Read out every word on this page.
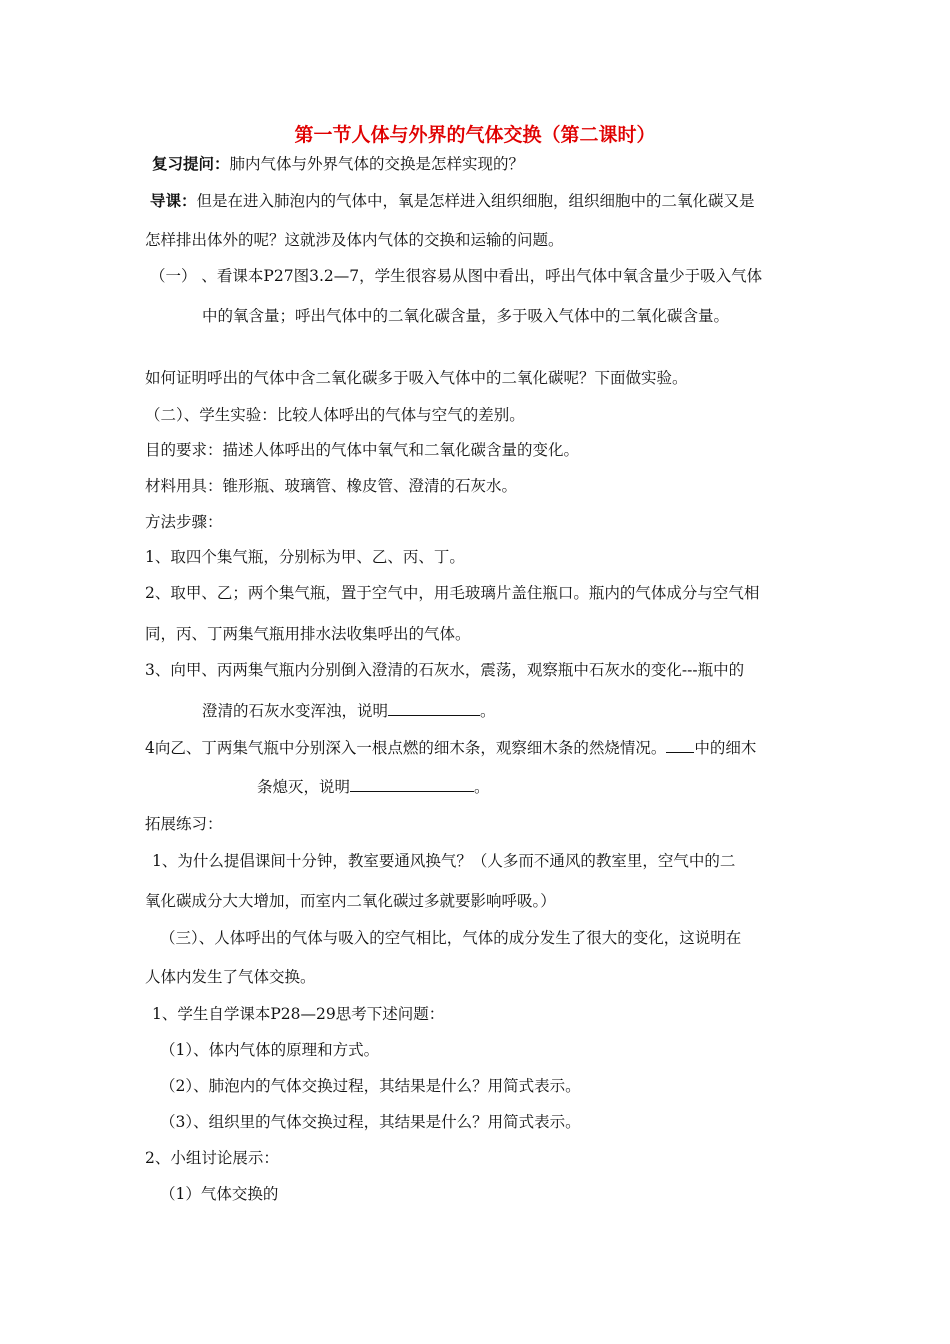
第一节人体与外界的气体交换（第二课时）
复习提问：肺内气体与外界气体的交换是怎样实现的？
导课：但是在进入肺泡内的气体中，氧是怎样进入组织细胞，组织细胞中的二氧化碳又是
怎样排出体外的呢？这就涉及体内气体的交换和运输的问题。
（一） 、看课本P27图3.2—7，学生很容易从图中看出，呼出气体中氧含量少于吸入气体
中的氧含量；呼出气体中的二氧化碳含量，多于吸入气体中的二氧化碳含量。
如何证明呼出的气体中含二氧化碳多于吸入气体中的二氧化碳呢？下面做实验。
（二）、学生实验：比较人体呼出的气体与空气的差别。
目的要求：描述人体呼出的气体中氧气和二氧化碳含量的变化。
材料用具：锥形瓶、玻璃管、橡皮管、澄清的石灰水。
方法步骤：
1、取四个集气瓶，分别标为甲、乙、丙、丁。
2、取甲、乙；两个集气瓶，置于空气中，用毛玻璃片盖住瓶口。瓶内的气体成分与空气相
同，丙、丁两集气瓶用排水法收集呼出的气体。
3、向甲、丙两集气瓶内分别倒入澄清的石灰水，震荡，观察瓶中石灰水的变化---瓶中的
澄清的石灰水变浑浊，说明	。
4向乙、丁两集气瓶中分别深入一根点燃的细木条，观察细木条的然烧情况。 中的细木
条熄灭，说明	。
拓展练习：
1、为什么提倡课间十分钟，教室要通风换气？（人多而不通风的教室里，空气中的二
氧化碳成分大大增加，而室内二氧化碳过多就要影响呼吸。）
（三）、人体呼出的气体与吸入的空气相比，气体的成分发生了很大的变化，这说明在
人体内发生了气体交换。
1、学生自学课本P28—29思考下述问题：
（1）、体内气体的原理和方式。
（2）、肺泡内的气体交换过程，其结果是什么？用简式表示。
（3）、组织里的气体交换过程，其结果是什么？用简式表示。
2、小组讨论展示：
（1）气体交换的
